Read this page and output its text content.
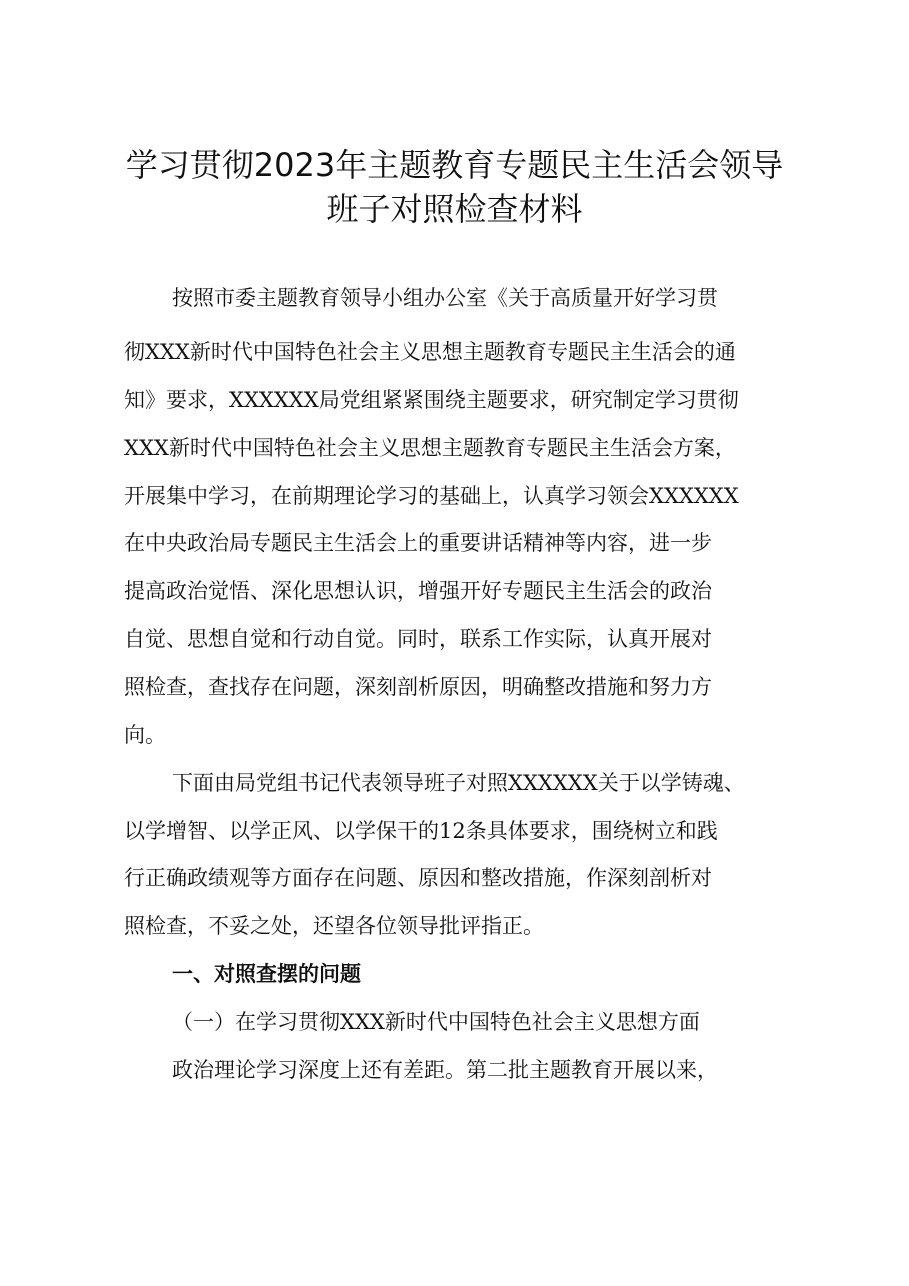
学习贯彻2023年主题教育专题民主生活会领导
班子对照检查材料
按照市委主题教育领导小组办公室《关于高质量开好学习贯
彻XXX新时代中国特色社会主义思想主题教育专题民主生活会的通
知》要求，XXXXXX局党组紧紧围绕主题要求，研究制定学习贯彻
XXX新时代中国特色社会主义思想主题教育专题民主生活会方案，
开展集中学习，在前期理论学习的基础上，认真学习领会XXXXXX
在中央政治局专题民主生活会上的重要讲话精神等内容，进一步
提高政治觉悟、深化思想认识，增强开好专题民主生活会的政治
自觉、思想自觉和行动自觉。同时，联系工作实际，认真开展对
照检查，查找存在问题，深刻剖析原因，明确整改措施和努力方
向。
下面由局党组书记代表领导班子对照XXXXXX关于以学铸魂、
以学增智、以学正风、以学保干的12条具体要求，围绕树立和践
行正确政绩观等方面存在问题、原因和整改措施，作深刻剖析对
照检查，不妥之处，还望各位领导批评指正。
一、对照查摆的问题
（一）在学习贯彻XXX新时代中国特色社会主义思想方面
政治理论学习深度上还有差距。第二批主题教育开展以来，
